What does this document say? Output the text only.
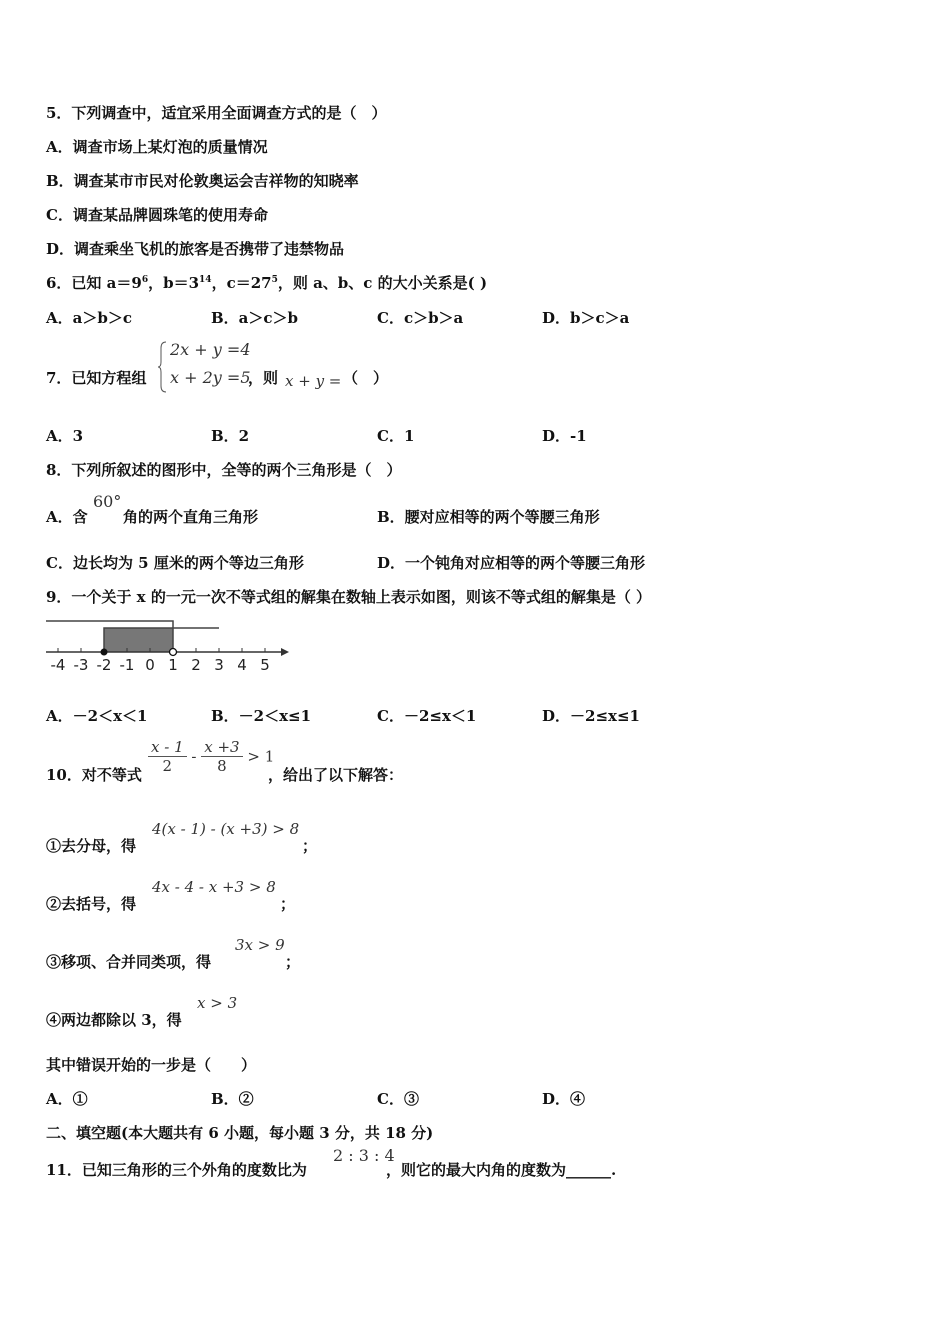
5．下列调查中，适宜采用全面调查方式的是（　）
A．调查市场上某灯泡的质量情况
B．调查某市市民对伦敦奥运会吉祥物的知晓率
C．调查某品牌圆珠笔的使用寿命
D．调查乘坐飞机的旅客是否携带了违禁物品
6．已知 $a=9^6$，$b=3^{14}$，$c=27^5$，则 a、b、c 的大小关系是( )
A．a＞b＞c	B．a＞c＞b	C．c＞b＞a	D．b＞c＞a
7．已知方程组
2x + y =4
x + 2y =5
，则 x + y = （　）
A．3	B．2	C．1	D．-1
8．下列所叙述的图形中，全等的两个三角形是（　）
A．含
60°
角的两个直角三角形	B．腰对应相等的两个等腰三角形
C．边长均为 5 厘米的两个等边三角形	D．一个钝角对应相等的两个等腰三角形
9．一个关于 x 的一元一次不等式组的解集在数轴上表示如图，则该不等式组的解集是（ ）
-4 -3 -2 -1 0 1 2 3 4 5
A．－2＜x＜1	B．－2＜x≤1	C．－2≤x＜1	D．－2≤x≤1
10．对不等式 $\frac{x - 1}{2} - \frac{x +3}{8} > 1$
，给出了以下解答：
①去分母，得
4(x - 1) - (x +3) > 8
；
②去括号，得
4x - 4 - x +3 > 8
；
③移项、合并同类项，得
3x > 9
；
④两边都除以 3，得
x > 3
其中错误开始的一步是（　　）
A．①	B．②	C．③	D．④
二、填空题(本大题共有 6 小题，每小题 3 分，共 18 分)
11．已知三角形的三个外角的度数比为
2 : 3 : 4
，则它的最大内角的度数为______.
